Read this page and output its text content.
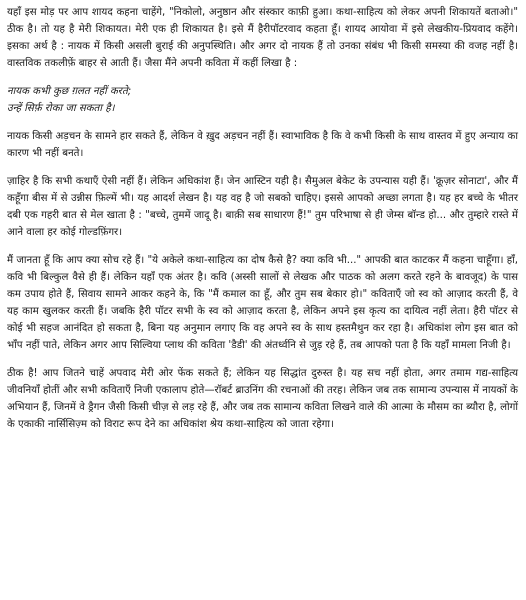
यहाँ इस मोड़ पर आप शायद कहना चाहेंगे, "निकोलो, अनुष्ठान और संस्कार काफ़ी हुआ। कथा-साहित्य को लेकर अपनी शिकायतें बताओ।" ठीक है। तो यह है मेरी शिकायत। मेरी एक ही शिकायत है। इसे मैं हैरीपॉटरवाद कहता हूँ। शायद आयोवा में इसे लेखकीय-प्रियवाद कहेंगे। इसका अर्थ है : नायक में किसी असली बुराई की अनुपस्थिति। और अगर दो नायक हैं तो उनका संबंध भी किसी समस्या की वजह नहीं है। वास्तविक तकलीफ़ें बाहर से आती हैं। जैसा मैंने अपनी कविता में कहीं लिखा है :

नायक कभी कुछ ग़लत नहीं करते;
उन्हें सिर्फ़ रोका जा सकता है।

नायक किसी अड़चन के सामने हार सकते हैं, लेकिन वे ख़ुद अड़चन नहीं हैं। स्वाभाविक है कि वे कभी किसी के साथ वास्तव में हुए अन्याय का कारण भी नहीं बनते।

ज़ाहिर है कि सभी कथाएँ ऐसी नहीं हैं। लेकिन अधिकांश हैं। जेन आस्टिन यही है। सैमुअल बेकेट के उपन्यास यही हैं। 'क्रूज़र सोनाटा', और मैं कहूँगा बीस में से उन्नीस फ़िल्में भी। यह आदर्श लेखन है। यह वह है जो सबको चाहिए। इससे आपको अच्छा लगता है। यह हर बच्चे के भीतर दबी एक गहरी बात से मेल खाता है : "बच्चे, तुममें जादू है। बाक़ी सब साधारण हैं!" तुम परिभाषा से ही जेम्स बॉन्ड हो... और तुम्हारे रास्ते में आने वाला हर कोई गोल्डफ़िंगर।

मैं जानता हूँ कि आप क्या सोच रहे हैं। "ये अकेले कथा-साहित्य का दोष कैसे है? क्या कवि भी..." आपकी बात काटकर मैं कहना चाहूँगा। हाँ, कवि भी बिल्कुल वैसे ही हैं। लेकिन यहाँ एक अंतर है। कवि (अस्सी सालों से लेखक और पाठक को अलग करते रहने के बावजूद) के पास कम उपाय होते हैं, सिवाय सामने आकर कहने के, कि "मैं कमाल का हूँ, और तुम सब बेकार हो।" कविताएँ जो स्व को आज़ाद करती हैं, वे यह काम खुलकर करती हैं। जबकि हैरी पॉटर सभी के स्व को आज़ाद करता है, लेकिन अपने इस कृत्य का दायित्व नहीं लेता। हैरी पॉटर से कोई भी सहज आनंदित हो सकता है, बिना यह अनुमान लगाए कि वह अपने स्व के साथ हस्तमैथुन कर रहा है। अधिकांश लोग इस बात को भाँप नहीं पाते, लेकिन अगर आप सिल्विया प्लाथ की कविता 'डैडी' की अंतर्ध्वनि से जुड़ रहे हैं, तब आपको पता है कि यहाँ मामला निजी है।

ठीक है! आप जितने चाहें अपवाद मेरी ओर फेंक सकते हैं; लेकिन यह सिद्धांत दुरुस्त है। यह सच नहीं होता, अगर तमाम गद्य-साहित्य जीवनियाँ होतीं और सभी कविताएँ निजी एकालाप होते—रॉबर्ट ब्राउनिंग की रचनाओं की तरह। लेकिन जब तक सामान्य उपन्यास में नायकों के अभियान हैं, जिनमें वे ड्रैगन जैसी किसी चीज़ से लड़ रहे हैं, और जब तक सामान्य कविता लिखने वाले की आत्मा के मौसम का ब्यौरा है, लोगों के एकाकी नार्सिसिज़्म को विराट रूप देने का अधिकांश श्रेय कथा-साहित्य को जाता रहेगा।
